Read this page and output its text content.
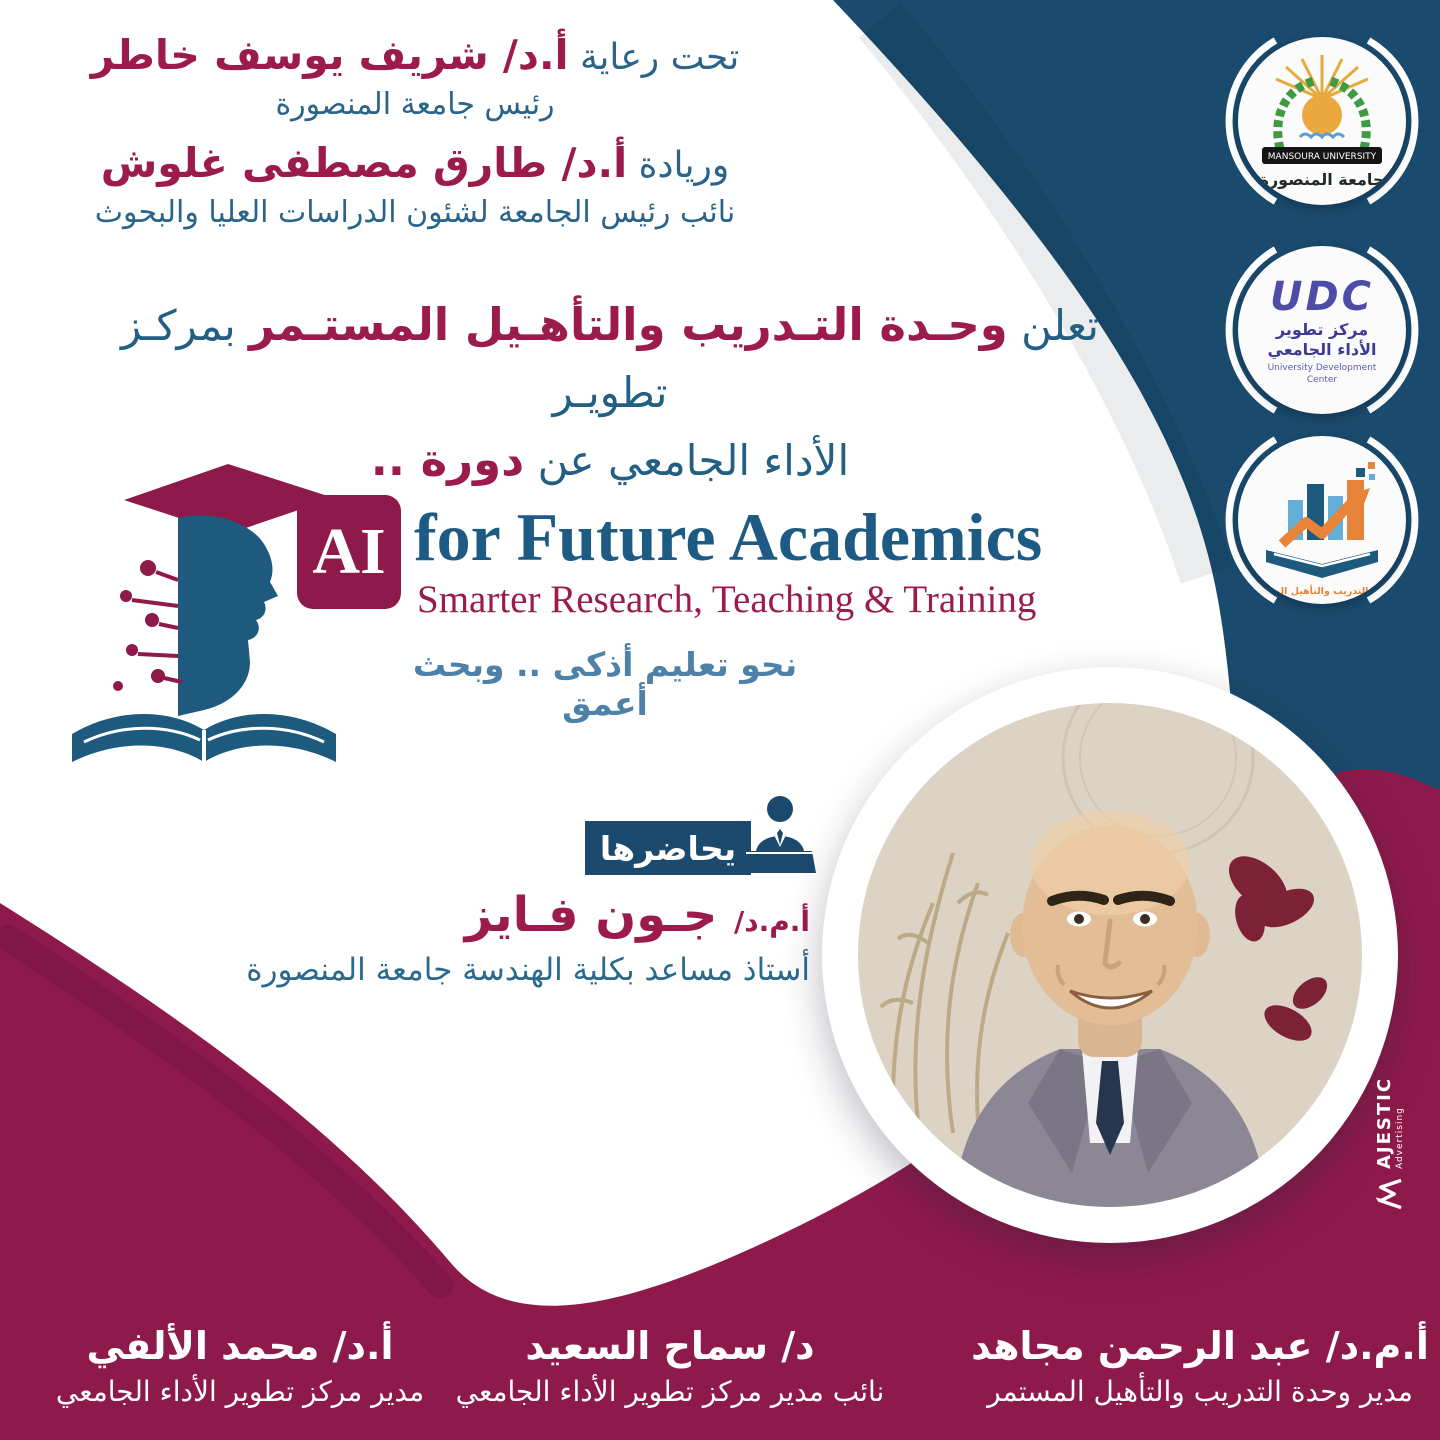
تحت رعاية أ.د/ شريف يوسف خاطر
رئيس جامعة المنصورة
وريادة أ.د/ طارق مصطفى غلوش
نائب رئيس الجامعة لشئون الدراسات العليا والبحوث
تعلن وحـدة التـدريب والتأهـيل المستـمر بمركـز تطويـر
الأداء الجامعي عن دورة ..
AI for Future Academics
Smarter Research, Teaching & Training
نحو تعليم أذكى .. وبحث أعمق
MANSOURA UNIVERSITY
جامعة المنصورة
UDC
مركز تطوير
الأداء الجامعي
University Development Center
وحدة التدريب والتأهيل المستمر
يحاضرها
أ.م.د/ جـون فـايز
أستاذ مساعد بكلية الهندسة جامعة المنصورة
أ.د/ محمد الألفي
مدير مركز تطوير الأداء الجامعي
د/ سماح السعيد
نائب مدير مركز تطوير الأداء الجامعي
أ.م.د/ عبد الرحمن مجاهد
مدير وحدة التدريب والتأهيل المستمر
AJESTIC Advertising
